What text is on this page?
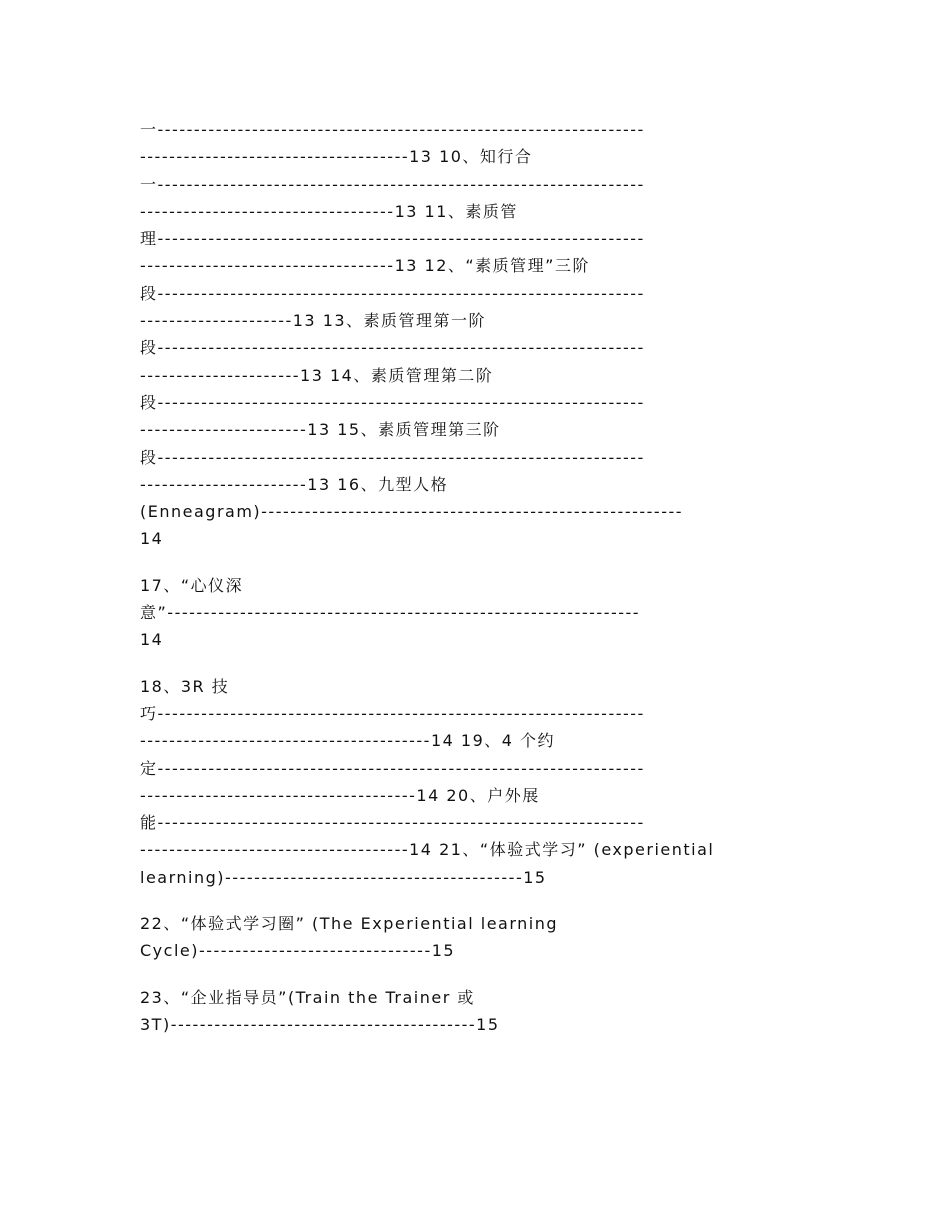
一-------------------------------------------------------------------
-------------------------------------13 10、知行合
一-------------------------------------------------------------------
-----------------------------------13 11、素质管
理-------------------------------------------------------------------
-----------------------------------13 12、“素质管理”三阶
段-------------------------------------------------------------------
---------------------13 13、素质管理第一阶
段-------------------------------------------------------------------
----------------------13 14、素质管理第二阶
段-------------------------------------------------------------------
-----------------------13 15、素质管理第三阶
段-------------------------------------------------------------------
-----------------------13 16、九型人格
(Enneagram)----------------------------------------------------------
14
17、“心仪深
意”-----------------------------------------------------------------
14
18、3R 技
巧-------------------------------------------------------------------
----------------------------------------14 19、4 个约
定-------------------------------------------------------------------
--------------------------------------14 20、户外展
能-------------------------------------------------------------------
-------------------------------------14 21、“体验式学习” (experiential
learning)-----------------------------------------15
22、“体验式学习圈” (The Experiential learning
Cycle)--------------------------------15
23、“企业指导员”(Train the Trainer 或
3T)------------------------------------------15
